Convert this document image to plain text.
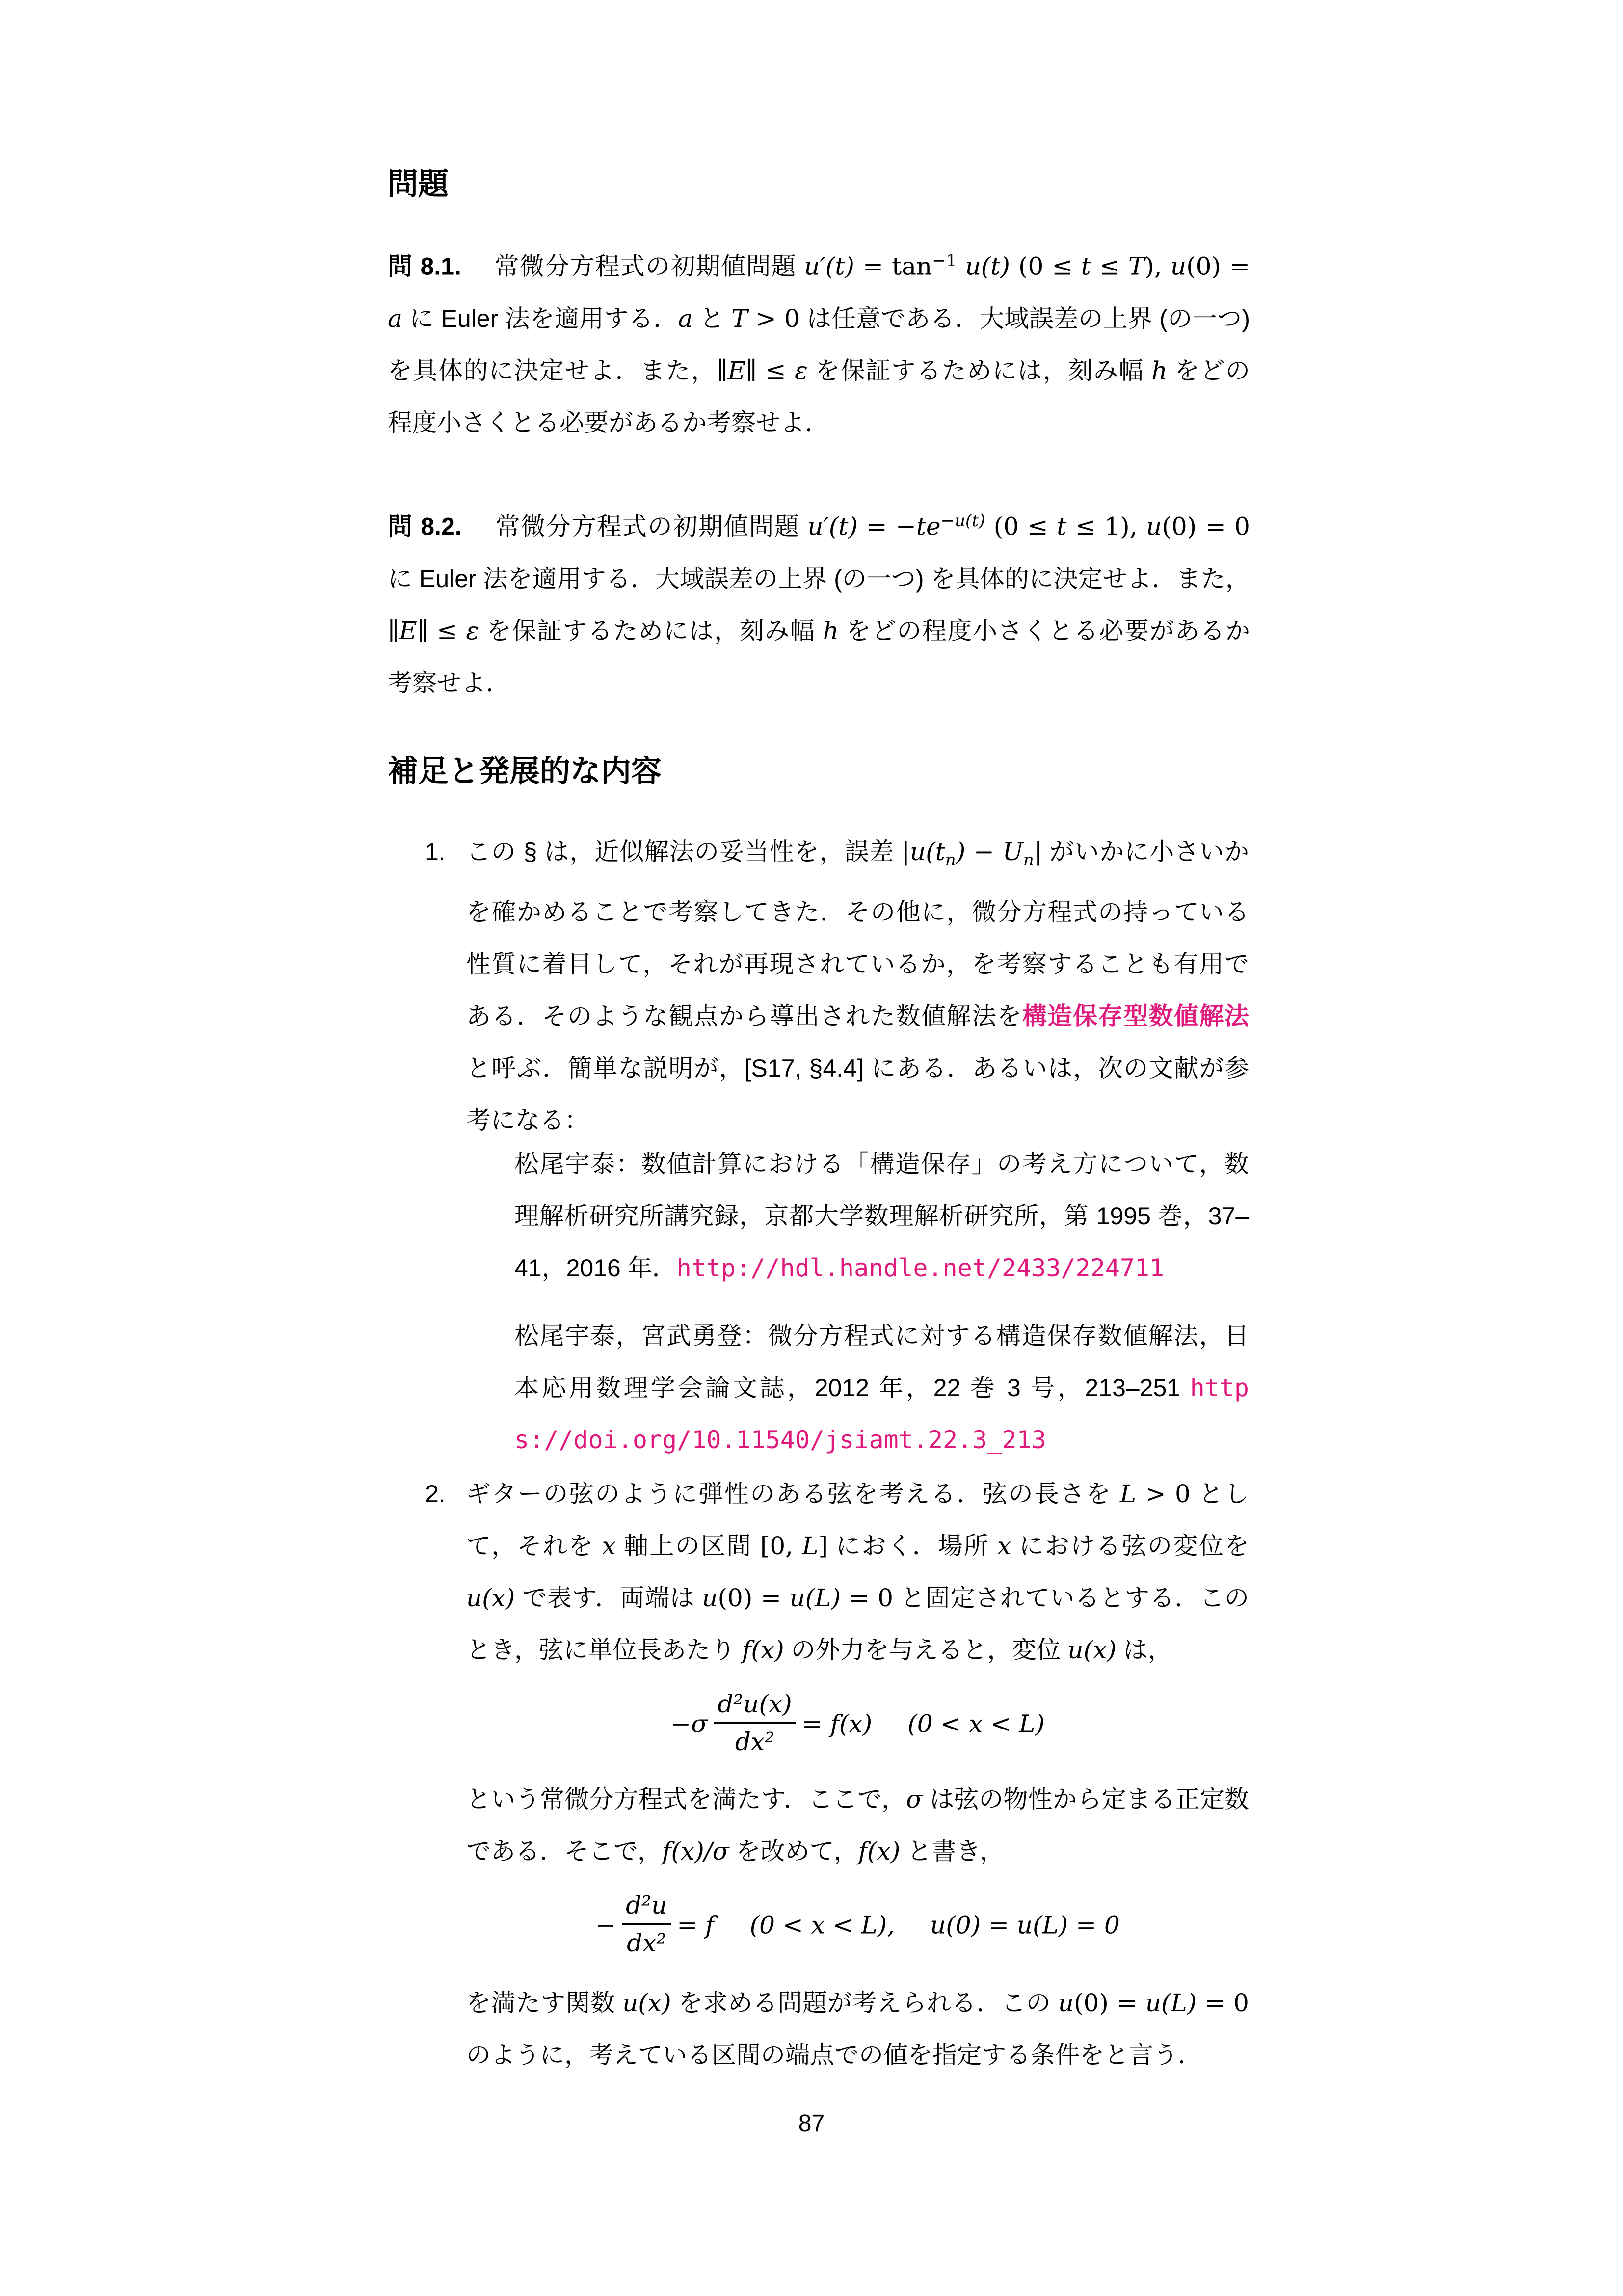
問題

問 8.1.　 常微分方程式の初期値問題 $u'(t) = \tan^{-1} u(t) (0 \le t \le T)$, u(0) = a に Euler 法を適用する．a と T > 0 は任意である．大域誤差の上界 (の一つ) を具体的に決定せよ．また，∥E∥ ≤ ε を保証するためには，刻み幅 h をどの程度小さくとる必要があるか考察せよ．

問 8.2.　 常微分方程式の初期値問題 $u'(t) = -te^{-u(t)}$ (0 ≤ t ≤ 1), u(0) = 0 に Euler 法を適用する．大域誤差の上界 (の一つ) を具体的に決定せよ．また，∥E∥ ≤ ε を保証するためには，刻み幅 h をどの程度小さくとる必要があるか考察せよ．

補足と発展的な内容

1. この § は，近似解法の妥当性を，誤差 $|u(t_n) - U_n|$ がいかに小さいかを確かめることで考察してきた．その他に，微分方程式の持っている性質に着目して，それが再現されているか，を考察することも有用である．そのような観点から導出された数値解法を構造保存型数値解法と呼ぶ．簡単な説明が，[S17, §4.4] にある．あるいは，次の文献が参考になる：

松尾宇泰：数値計算における「構造保存」の考え方について，数理解析研究所講究録，京都大学数理解析研究所，第 1995 巻，37–41，2016 年．http://hdl.handle.net/2433/224711

松尾宇泰，宮武勇登：微分方程式に対する構造保存数値解法，日本応用数理学会論文誌，2012 年，22 巻 3 号，213–251 https://doi.org/10.11540/jsiamt.22.3_213

2. ギターの弦のように弾性のある弦を考える．弦の長さを L > 0 として，それを x 軸上の区間 [0, L] におく．場所 x における弦の変位を u(x) で表す．両端は u(0) = u(L) = 0 と固定されているとする．このとき，弦に単位長あたり f(x) の外力を与えると，変位 u(x) は，

$-\sigma \frac{\text{d²u(x)}}{\text{dx²}} = f(x) (0 < x < L)$

という常微分方程式を満たす．ここで，σ は弦の物性から定まる正定数である．そこで，f(x)/σ を改めて，f(x) と書き，

− $\frac{\text{d²u}}{\text{dx²}} = f$ (0 < x < L), u(0) = u(L) = 0

を満たす関数 u(x) を求める問題が考えられる．この u(0) = u(L) = 0 のように，考えている区間の端点での値を指定する条件をと言う．

87
